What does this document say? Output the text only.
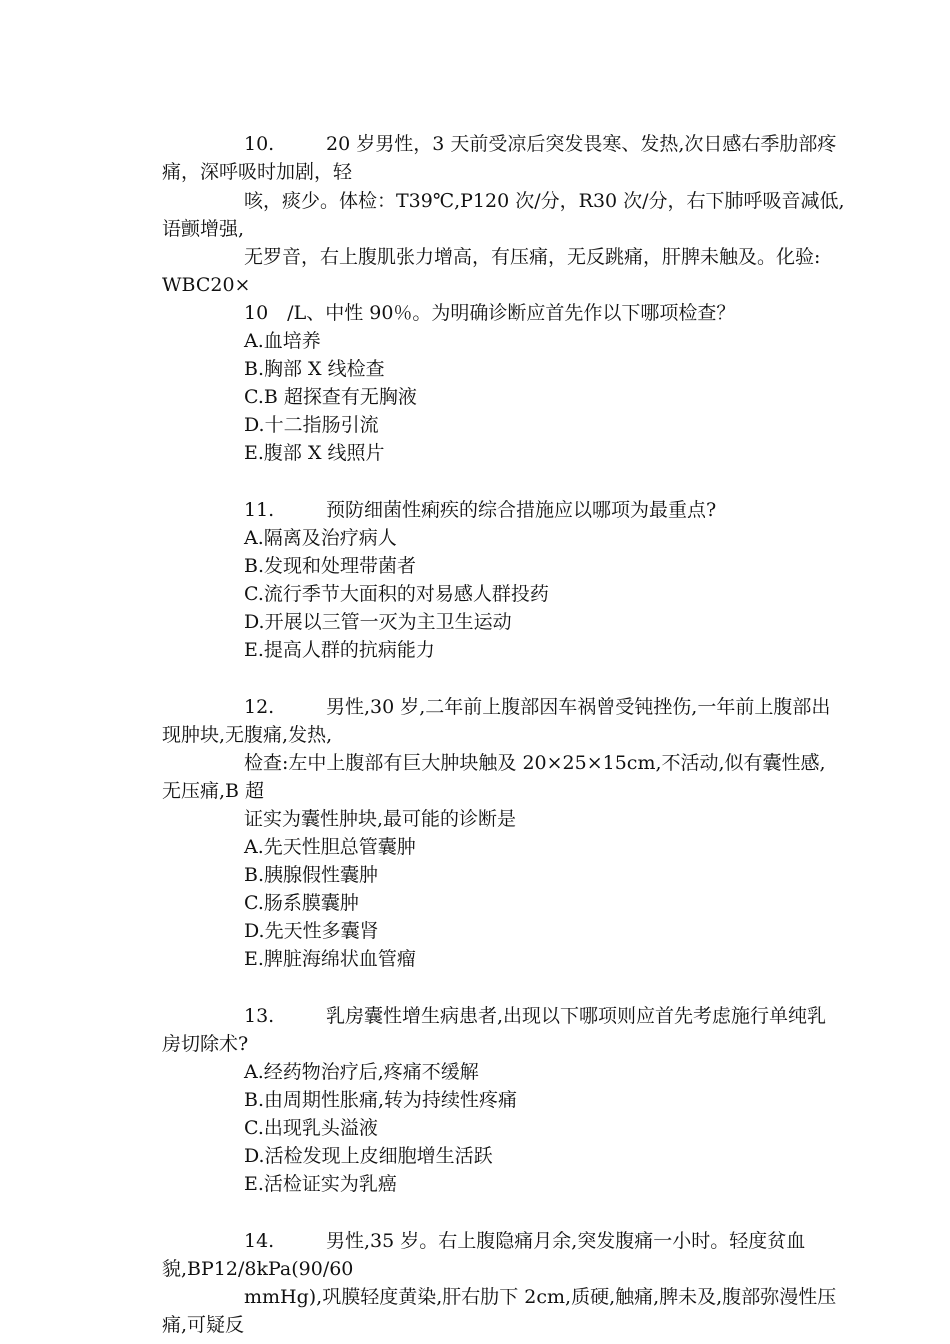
10.	20 岁男性，3 天前受凉后突发畏寒、发热,次日感右季肋部疼
痛，深呼吸时加剧，轻
咳，痰少。体检：T39℃,P120 次/分，R30 次/分，右下肺呼吸音减低,
语颤增强,
无罗音，右上腹肌张力增高，有压痛，无反跳痛，肝脾未触及。化验:
WBC20×
10　/L、中性 90％。为明确诊断应首先作以下哪项检查？
A.血培养
B.胸部 X 线检查
C.B 超探查有无胸液
D.十二指肠引流
E.腹部 X 线照片
11.	预防细菌性痢疾的综合措施应以哪项为最重点?
A.隔离及治疗病人
B.发现和处理带菌者
C.流行季节大面积的对易感人群投药
D.开展以三管一灭为主卫生运动
E.提高人群的抗病能力
12.	男性,30 岁,二年前上腹部因车祸曾受钝挫伤,一年前上腹部出
现肿块,无腹痛,发热,
检查:左中上腹部有巨大肿块触及 20×25×15cm,不活动,似有囊性感,
无压痛,B 超
证实为囊性肿块,最可能的诊断是
A.先天性胆总管囊肿
B.胰腺假性囊肿
C.肠系膜囊肿
D.先天性多囊肾
E.脾脏海绵状血管瘤
13.	乳房囊性增生病患者,出现以下哪项则应首先考虑施行单纯乳
房切除术?
A.经药物治疗后,疼痛不缓解
B.由周期性胀痛,转为持续性疼痛
C.出现乳头溢液
D.活检发现上皮细胞增生活跃
E.活检证实为乳癌
14.	男性,35 岁。右上腹隐痛月余,突发腹痛一小时。轻度贫血
貌,BP12/8kPa(90/60
mmHg),巩膜轻度黄染,肝右肋下 2cm,质硬,触痛,脾未及,腹部弥漫性压
痛,可疑反
